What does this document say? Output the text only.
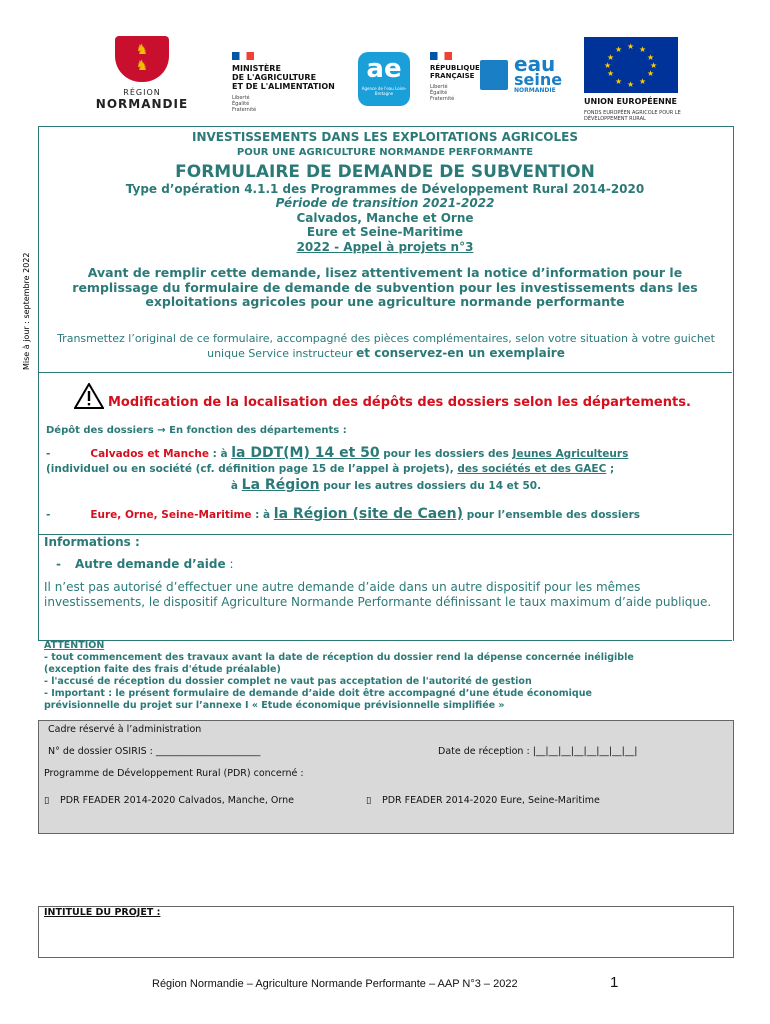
♞
♞
RÉGION
NORMANDIE
MINISTÈRE
DE L'AGRICULTURE
ET DE L'ALIMENTATION
Liberté
Égalité
Fraternité
ae
Agence de l'eau Loire-Bretagne
RÉPUBLIQUE
FRANÇAISE
Liberté
Égalité
Fraternité
eau
seine
NORMANDIE
★ ★
★
★
★
★
★
★
★
★
★
★
UNION EUROPÉENNE
FONDS EUROPÉEN AGRICOLE POUR LE DÉVELOPPEMENT RURAL
Mise à jour : septembre 2022
INVESTISSEMENTS DANS LES EXPLOITATIONS AGRICOLES
POUR UNE AGRICULTURE NORMANDE PERFORMANTE
FORMULAIRE DE DEMANDE DE SUBVENTION
Type d’opération 4.1.1 des Programmes de Développement Rural 2014-2020
Période de transition 2021-2022
Calvados, Manche et Orne
Eure et Seine-Maritime
2022 - Appel à projets n°3
Avant de remplir cette demande, lisez attentivement la notice d’information pour le remplissage du formulaire de demande de subvention pour les investissements dans les exploitations agricoles pour une agriculture normande performante
Transmettez l’original de ce formulaire, accompagné des pièces complémentaires, selon votre situation à votre guichet unique Service instructeur et conservez-en un exemplaire
Modification de la localisation des dépôts des dossiers selon les départements.
Dépôt des dossiers → En fonction des départements :
-	Calvados et Manche : à la DDT(M) 14 et 50 pour les dossiers des Jeunes Agriculteurs
(individuel ou en société (cf. définition page 15 de l’appel à projets), des sociétés et des GAEC ;
à La Région pour les autres dossiers du 14 et 50.
-	Eure, Orne, Seine-Maritime : à la Région (site de Caen) pour l’ensemble des dossiers
Informations :
- Autre demande d’aide :
Il n’est pas autorisé d’effectuer une autre demande d’aide dans un autre dispositif pour les mêmes investissements, le dispositif Agriculture Normande Performante définissant le taux maximum d’aide publique.
ATTENTION
- tout commencement des travaux avant la date de réception du dossier rend la dépense concernée inéligible
(exception faite des frais d'étude préalable)
- l'accusé de réception du dossier complet ne vaut pas acceptation de l'autorité de gestion
- Important : le présent formulaire de demande d’aide doit être accompagné d’une étude économique
prévisionnelle du projet sur l’annexe I « Etude économique prévisionnelle simplifiée »
Cadre réservé à l’administration
N° de dossier OSIRIS : ______________________	Date de réception : |__|__|__|__|__|__|__|__|
Programme de Développement Rural (PDR) concerné :
▯ PDR FEADER 2014-2020 Calvados, Manche, Orne	▯ PDR FEADER 2014-2020 Eure, Seine-Maritime
INTITULE DU PROJET :
Région Normandie – Agriculture Normande Performante – AAP N°3 – 2022	1
